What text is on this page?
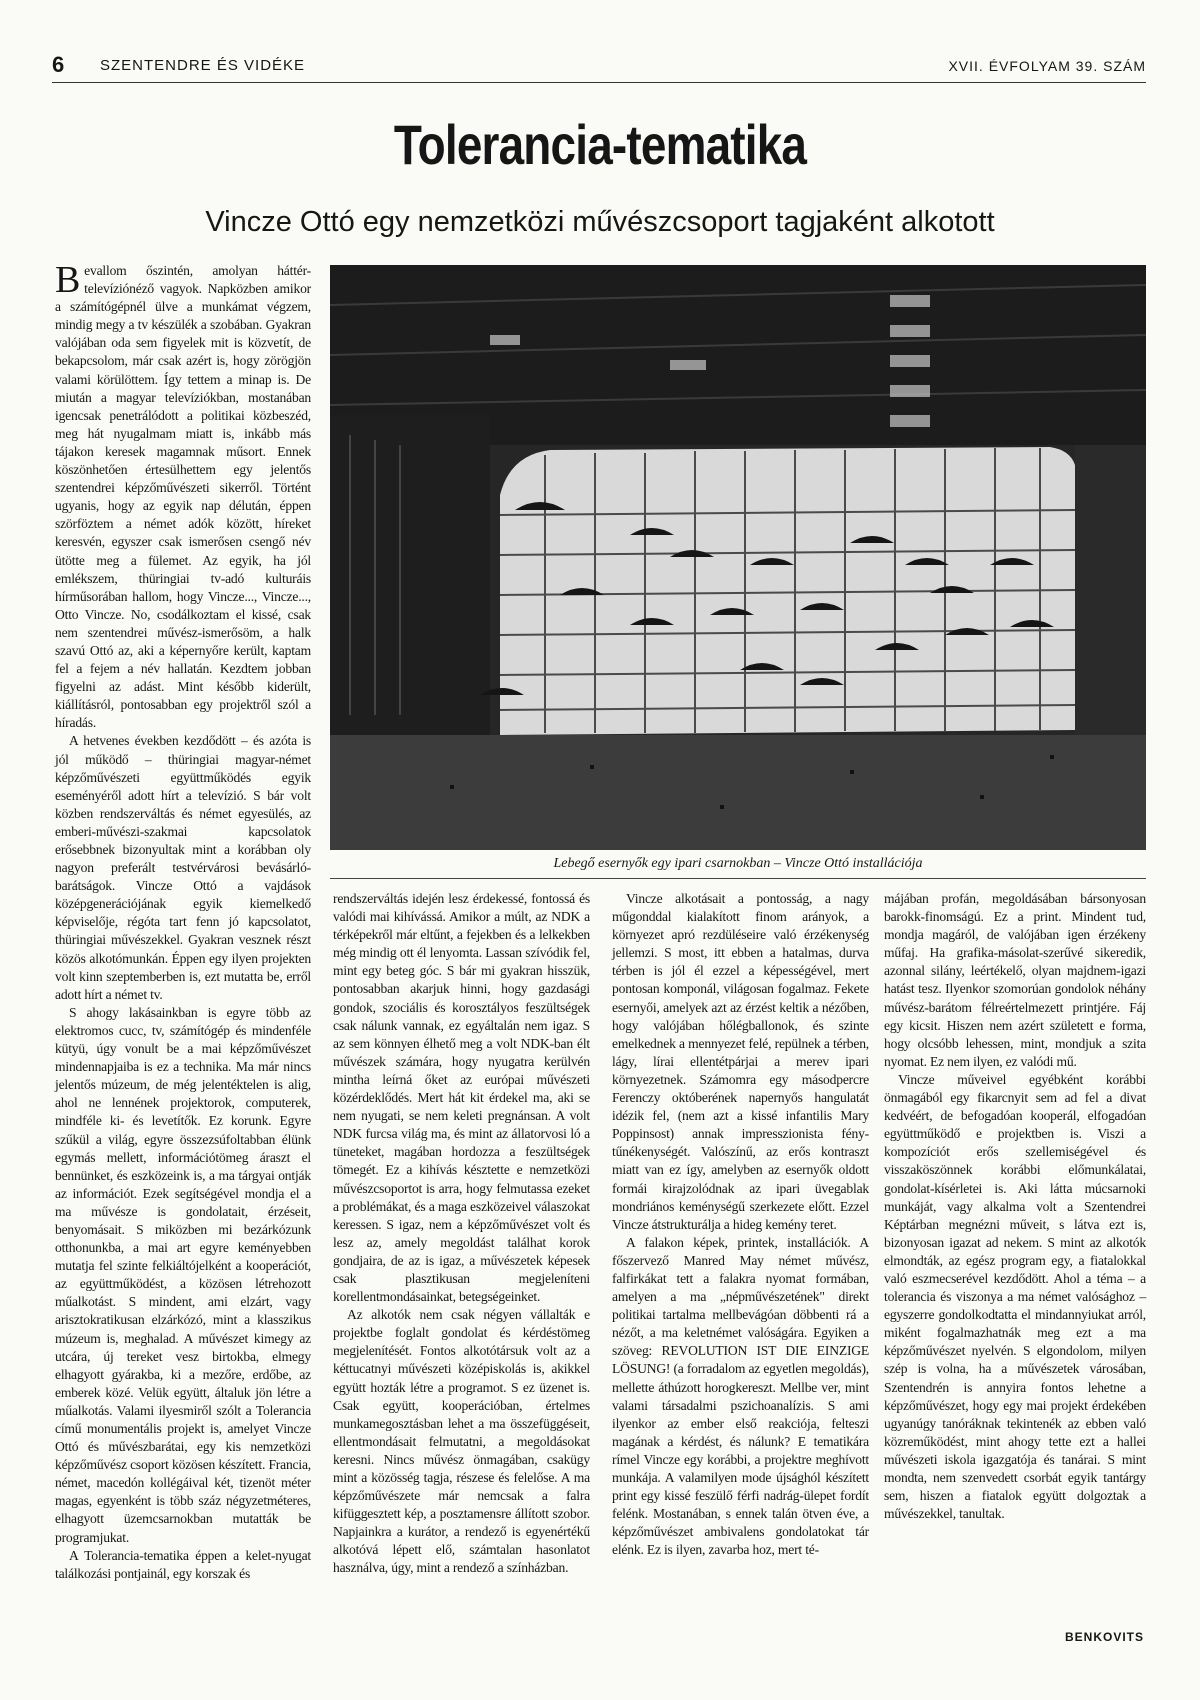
6 SZENTENDRE ÉS VIDÉKE	XVII. ÉVFOLYAM 39. SZÁM
Tolerancia-tematika
Vincze Ottó egy nemzetközi művészcsoport tagjaként alkotott

Bevallom őszintén, amolyan háttér-televíziónéző vagyok. Napközben amikor a számítógépnél ülve a munkámat végzem, mindig megy a tv készülék a szobában. Gyakran valójában oda sem figyelek mit is közvetít, de bekapcsolom, már csak azért is, hogy zörögjön valami körülöttem. Így tettem a minap is. De miután a magyar televíziókban, mostanában igencsak penetrálódott a politikai közbeszéd, meg hát nyugalmam miatt is, inkább más tájakon keresek magamnak műsort. Ennek köszönhetően értesülhettem egy jelentős szentendrei képzőművészeti sikerről. Történt ugyanis, hogy az egyik nap délután, éppen szörföztem a német adók között, híreket keresvén, egyszer csak ismerősen csengő név ütötte meg a fülemet. Az egyik, ha jól emlékszem, thüringiai tv-adó kulturáis hírműsorában hallom, hogy Vincze..., Vincze..., Otto Vincze. No, csodálkoztam el kissé, csak nem szentendrei művész-ismerősöm, a halk szavú Ottó az, aki a képernyőre került, kaptam fel a fejem a név hallatán. Kezdtem jobban figyelni az adást. Mint később kiderült, kiállításról, pontosabban egy projektről szól a híradás.

A hetvenes években kezdődött – és azóta is jól működő – thüringiai magyar-német képzőművészeti együttműködés egyik eseményéről adott hírt a televízió. S bár volt közben rendszerváltás és német egyesülés, az emberi-művészi-szakmai kapcsolatok erősebbnek bizonyultak mint a korábban oly nagyon preferált testvérvárosi bevásárló-barátságok. Vincze Ottó a vajdások középgenerációjának egyik kiemelkedő képviselője, régóta tart fenn jó kapcsolatot, thüringiai művészekkel. Gyakran vesznek részt közös alkotómunkán. Éppen egy ilyen projekten volt kinn szeptemberben is, ezt mutatta be, erről adott hírt a német tv.

S ahogy lakásainkban is egyre több az elektromos cucc, tv, számítógép és mindenféle kütyü, úgy vonult be a mai képzőművészet mindennapjaiba is ez a technika. Ma már nincs jelentős múzeum, de még jelentéktelen is alig, ahol ne lennének projektorok, computerek, mindféle ki- és levetítők. Ez korunk. Egyre szűkül a világ, egyre összezsúfoltabban élünk egymás mellett, információtömeg áraszt el bennünket, és eszközeink is, a ma tárgyai ontják az információt. Ezek segítségével mondja el a ma művésze is gondolatait, érzéseit, benyomásait. S miközben mi bezárkózunk otthonunkba, a mai art egyre keményebben mutatja fel szinte felkiáltójelként a kooperációt, az együttműködést, a közösen létrehozott műalkotást. S mindent, ami elzárt, vagy arisztokratikusan elzárkózó, mint a klasszikus múzeum is, meghalad. A művészet kimegy az utcára, új tereket vesz birtokba, elmegy elhagyott gyárakba, ki a mezőre, erdőbe, az emberek közé. Velük együtt, általuk jön létre a műalkotás. Valami ilyesmiről szólt a Tolerancia című monumentális projekt is, amelyet Vincze Ottó és művészbarátai, egy kis nemzetközi képzőművész csoport közösen készített. Francia, német, macedón kollégáival két, tizenöt méter magas, egyenként is több száz négyzetméteres, elhagyott üzemcsarnokban mutatták be programjukat.

A Tolerancia-tematika éppen a kelet-nyugat találkozási pontjainál, egy korszak és

Lebegő esernyők egy ipari csarnokban – Vincze Ottó installációja

rendszerváltás idején lesz érdekessé, fontossá és valódi mai kihívássá. Amikor a múlt, az NDK a térképekről már eltűnt, a fejekben és a lelkekben még mindig ott él lenyomta. Lassan szívódik fel, mint egy beteg góc. S bár mi gyakran hisszük, pontosabban akarjuk hinni, hogy gazdasági gondok, szociális és korosztályos feszültségek csak nálunk vannak, ez egyáltalán nem igaz. S az sem könnyen élhető meg a volt NDK-ban élt művészek számára, hogy nyugatra kerülvén mintha leírná őket az európai művészeti közérdeklődés. Mert hát kit érdekel ma, aki se nem nyugati, se nem keleti pregnánsan. A volt NDK furcsa világ ma, és mint az állatorvosi ló a tüneteket, magában hordozza a feszültségek tömegét. Ez a kihívás késztette e nemzetközi művészcsoportot is arra, hogy felmutassa ezeket a problémákat, és a maga eszközeivel válaszokat keressen. S igaz, nem a képzőművészet volt és lesz az, amely megoldást találhat korok gondjaira, de az is igaz, a művészetek képesek csak plasztikusan megjeleníteni korellentmondásainkat, betegségeinket.

Az alkotók nem csak négyen vállalták e projektbe foglalt gondolat és kérdéstömeg megjelenítését. Fontos alkotótársuk volt az a kéttucatnyi művészeti középiskolás is, akikkel együtt hozták létre a programot. S ez üzenet is. Csak együtt, kooperációban, értelmes munkamegosztásban lehet a ma összefüggéseit, ellentmondásait felmutatni, a megoldásokat keresni. Nincs művész önmagában, csakügy mint a közösség tagja, részese és felelőse. A ma képzőművészete már nemcsak a falra kifüggesztett kép, a posztamensre állított szobor. Napjainkra a kurátor, a rendező is egyenértékű alkotóvá lépett elő, számtalan hasonlatot használva, úgy, mint a rendező a színházban.

Vincze alkotásait a pontosság, a nagy műgonddal kialakított finom arányok, a környezet apró rezdüléseire való érzékenység jellemzi. S most, itt ebben a hatalmas, durva térben is jól él ezzel a képességével, mert pontosan komponál, világosan fogalmaz. Fekete esernyői, amelyek azt az érzést keltik a nézőben, hogy valójában hőlégballonok, és szinte emelkednek a mennyezet felé, repülnek a térben, lágy, lírai ellentétpárjai a merev ipari környezetnek. Számomra egy másodpercre Ferenczy októberének napernyős hangulatát idézik fel, (nem azt a kissé infantilis Mary Poppinsost) annak impresszionista fény-tűnékenységét. Valószínű, az erős kontraszt miatt van ez így, amelyben az esernyők oldott formái kirajzolódnak az ipari üvegablak mondriános keménységű szerkezete előtt. Ezzel Vincze átstrukturálja a hideg kemény teret.

A falakon képek, printek, installációk. A főszervező Manred May német művész, falfirkákat tett a falakra nyomat formában, amelyen a ma „népművészetének" direkt politikai tartalma mellbevágóan döbbenti rá a nézőt, a ma keletnémet valóságára. Egyiken a szöveg: REVOLUTION IST DIE EINZIGE LÖSUNG! (a forradalom az egyetlen megoldás), mellette áthúzott horogkereszt. Mellbe ver, mint valami társadalmi pszichoanalízis. S ami ilyenkor az ember első reakciója, felteszi magának a kérdést, és nálunk? E tematikára rímel Vincze egy korábbi, a projektre meghívott munkája. A valamilyen mode újsághól készített print egy kissé feszülő férfi nadrág-ülepet fordít felénk. Mostanában, s ennek talán ötven éve, a képzőművészet ambivalens gondolatokat tár elénk. Ez is ilyen, zavarba hoz, mert té-

májában profán, megoldásában bársonyosan barokk-finomságú. Ez a print. Mindent tud, mondja magáról, de valójában igen érzékeny műfaj. Ha grafika-másolat-szerűvé sikeredik, azonnal silány, leértékelő, olyan majdnem-igazi hatást tesz. Ilyenkor szomorúan gondolok néhány művész-barátom félreértelmezett printjére. Fáj egy kicsit. Hiszen nem azért született e forma, hogy olcsóbb lehessen, mint, mondjuk a szita nyomat. Ez nem ilyen, ez valódi mű.

Vincze műveivel egyébként korábbi önmagából egy fikarcnyit sem ad fel a divat kedvéért, de befogadóan kooperál, elfogadóan együttműködő e projektben is. Viszi a kompozíciót erős szellemiségével és visszaköszönnek korábbi előmunkálatai, gondolat-kísérletei is. Aki látta múcsarnoki munkáját, vagy alkalma volt a Szentendrei Képtárban megnézni műveit, s látva ezt is, bizonyosan igazat ad nekem. S mint az alkotók elmondták, az egész program egy, a fiatalokkal való eszmecserével kezdődött. Ahol a téma – a tolerancia és viszonya a ma német valósághoz – egyszerre gondolkodtatta el mindannyiukat arról, miként fogalmazhatnák meg ezt a ma képzőművészet nyelvén. S elgondolom, milyen szép is volna, ha a művészetek városában, Szentendrén is annyira fontos lehetne a képzőművészet, hogy egy mai projekt érdekében ugyanúgy tanóráknak tekintenék az ebben való közreműködést, mint ahogy tette ezt a hallei művészeti iskola igazgatója és tanárai. S mint mondta, nem szenvedett csorbát egyik tantárgy sem, hiszen a fiatalok együtt dolgoztak a művészekkel, tanultak.

BENKOVITS
